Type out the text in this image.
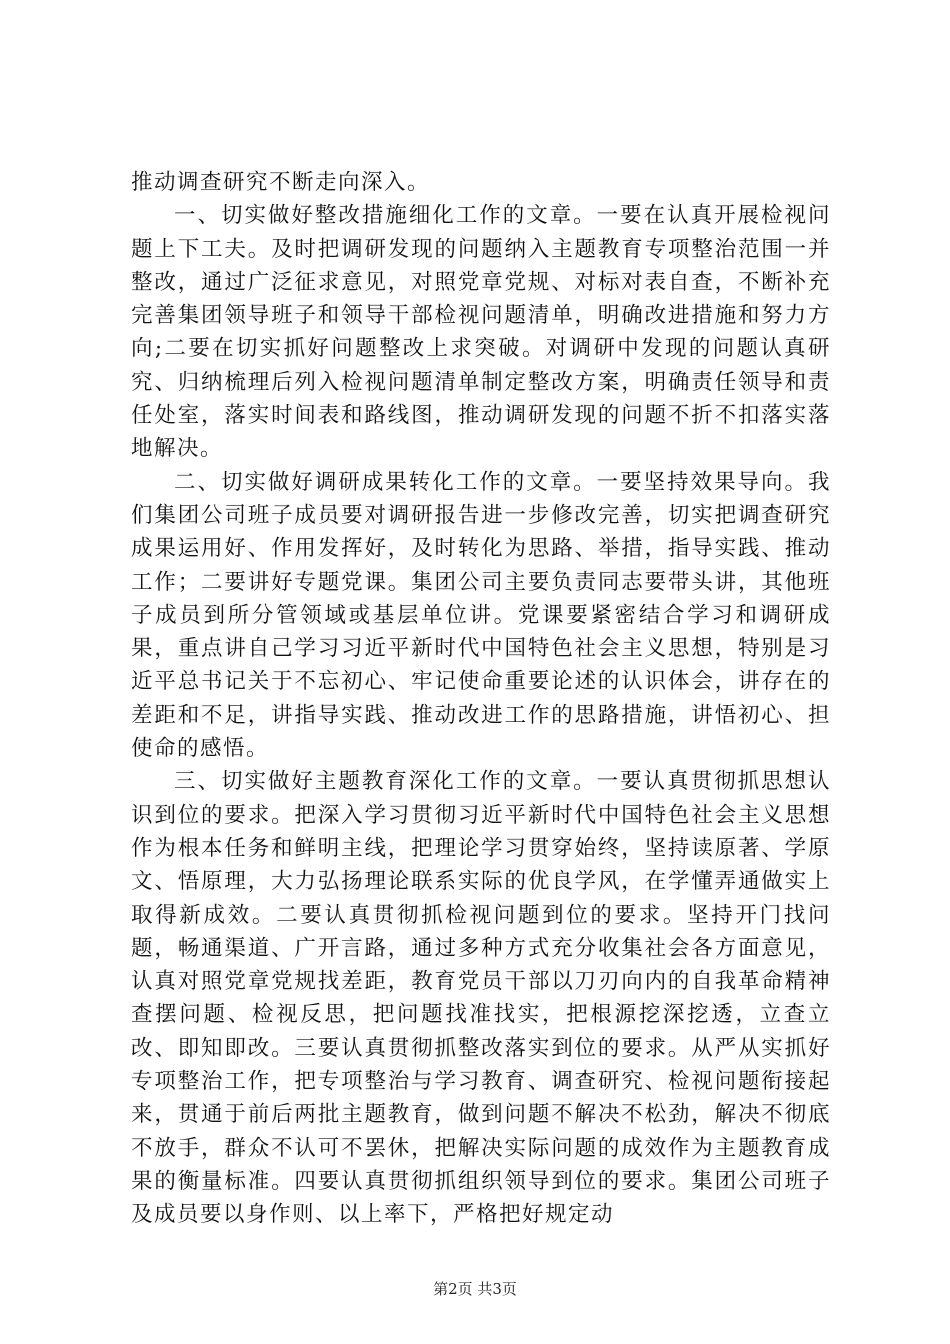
推动调查研究不断走向深入。

一、切实做好整改措施细化工作的文章。一要在认真开展检视问题上下工夫。及时把调研发现的问题纳入主题教育专项整治范围一并整改，通过广泛征求意见，对照党章党规、对标对表自查，不断补充完善集团领导班子和领导干部检视问题清单，明确改进措施和努力方向;二要在切实抓好问题整改上求突破。对调研中发现的问题认真研究、归纳梳理后列入检视问题清单制定整改方案，明确责任领导和责任处室，落实时间表和路线图，推动调研发现的问题不折不扣落实落地解决。

二、切实做好调研成果转化工作的文章。一要坚持效果导向。我们集团公司班子成员要对调研报告进一步修改完善，切实把调查研究成果运用好、作用发挥好，及时转化为思路、举措，指导实践、推动工作；二要讲好专题党课。集团公司主要负责同志要带头讲，其他班子成员到所分管领域或基层单位讲。党课要紧密结合学习和调研成果，重点讲自己学习习近平新时代中国特色社会主义思想，特别是习近平总书记关于不忘初心、牢记使命重要论述的认识体会，讲存在的差距和不足，讲指导实践、推动改进工作的思路措施，讲悟初心、担使命的感悟。

三、切实做好主题教育深化工作的文章。一要认真贯彻抓思想认识到位的要求。把深入学习贯彻习近平新时代中国特色社会主义思想作为根本任务和鲜明主线，把理论学习贯穿始终，坚持读原著、学原文、悟原理，大力弘扬理论联系实际的优良学风，在学懂弄通做实上取得新成效。二要认真贯彻抓检视问题到位的要求。坚持开门找问题，畅通渠道、广开言路，通过多种方式充分收集社会各方面意见，认真对照党章党规找差距，教育党员干部以刀刃向内的自我革命精神查摆问题、检视反思，把问题找准找实，把根源挖深挖透，立查立改、即知即改。三要认真贯彻抓整改落实到位的要求。从严从实抓好专项整治工作，把专项整治与学习教育、调查研究、检视问题衔接起来，贯通于前后两批主题教育，做到问题不解决不松劲，解决不彻底不放手，群众不认可不罢休，把解决实际问题的成效作为主题教育成果的衡量标准。四要认真贯彻抓组织领导到位的要求。集团公司班子及成员要以身作则、以上率下，严格把好规定动

第2页 共3页
